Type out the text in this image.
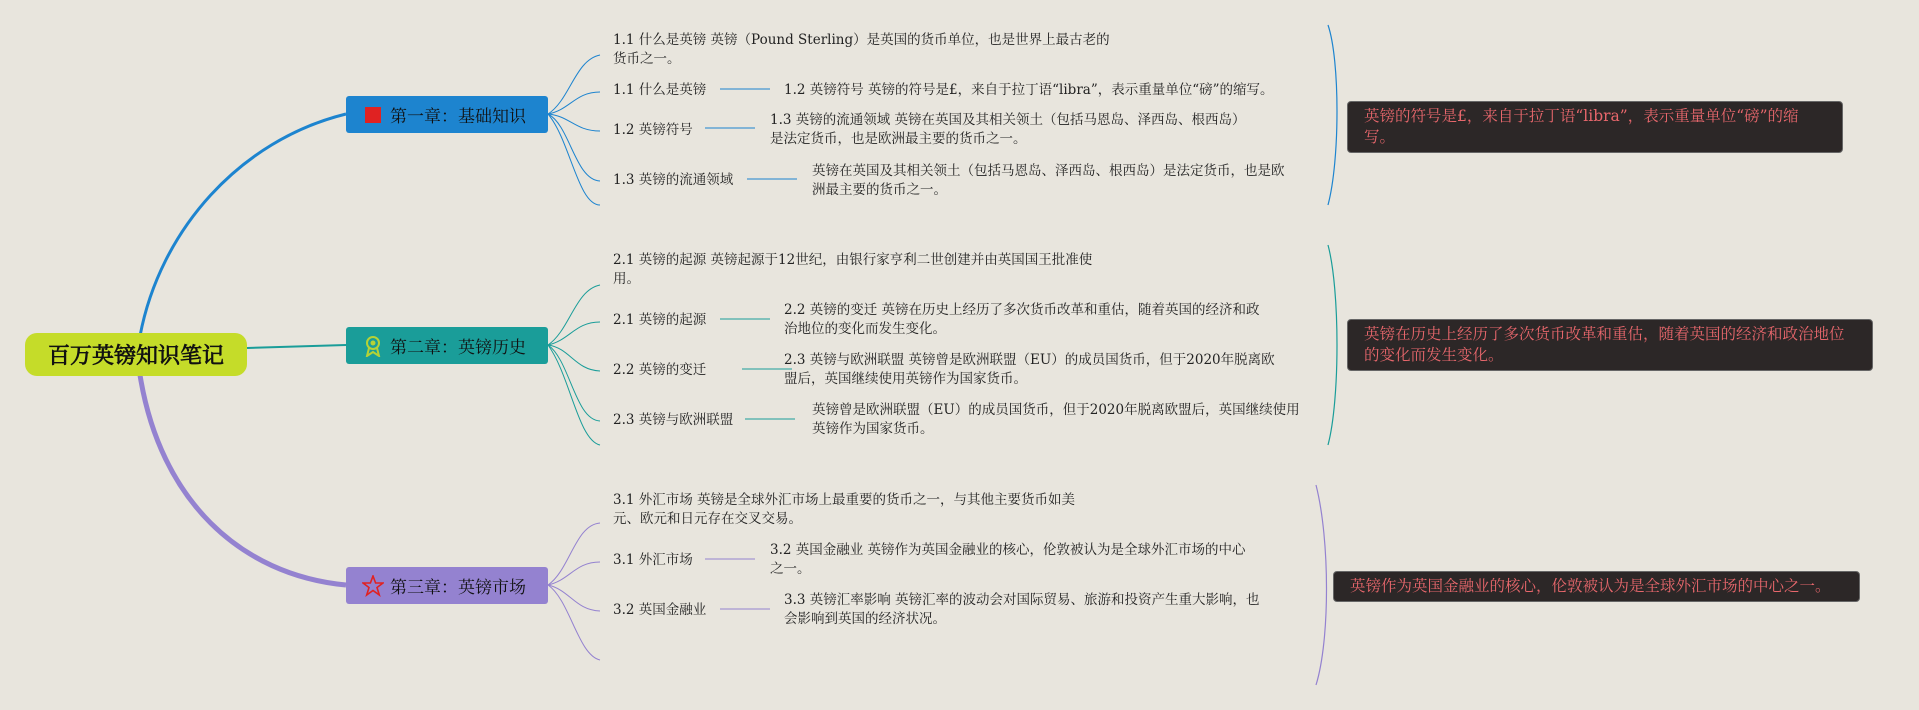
百万英镑知识笔记
第一章：基础知识
1.1 什么是英镑 英镑（Pound Sterling）是英国的货币单位，也是世界上最古老的
货币之一。
1.1 什么是英镑
1.2 英镑符号
1.3 英镑的流通领域
1.2 英镑符号 英镑的符号是£，来自于拉丁语“libra”，表示重量单位“磅”的缩写。
1.3 英镑的流通领域 英镑在英国及其相关领土（包括马恩岛、泽西岛、根西岛）
是法定货币，也是欧洲最主要的货币之一。
英镑在英国及其相关领土（包括马恩岛、泽西岛、根西岛）是法定货币，也是欧
洲最主要的货币之一。
英镑的符号是£，来自于拉丁语“libra”，表示重量单位“磅”的缩写。
第二章：英镑历史
2.1 英镑的起源 英镑起源于12世纪，由银行家亨利二世创建并由英国国王批准使
用。
2.1 英镑的起源
2.2 英镑的变迁
2.3 英镑与欧洲联盟
2.2 英镑的变迁 英镑在历史上经历了多次货币改革和重估，随着英国的经济和政
治地位的变化而发生变化。
2.3 英镑与欧洲联盟 英镑曾是欧洲联盟（EU）的成员国货币，但于2020年脱离欧
盟后，英国继续使用英镑作为国家货币。
英镑曾是欧洲联盟（EU）的成员国货币，但于2020年脱离欧盟后，英国继续使用
英镑作为国家货币。
英镑在历史上经历了多次货币改革和重估，随着英国的经济和政治地位
的变化而发生变化。
第三章：英镑市场
3.1 外汇市场 英镑是全球外汇市场上最重要的货币之一，与其他主要货币如美
元、欧元和日元存在交叉交易。
3.1 外汇市场
3.2 英国金融业
3.2 英国金融业 英镑作为英国金融业的核心，伦敦被认为是全球外汇市场的中心
之一。
3.3 英镑汇率影响 英镑汇率的波动会对国际贸易、旅游和投资产生重大影响，也
会影响到英国的经济状况。
英镑作为英国金融业的核心，伦敦被认为是全球外汇市场的中心之一。
